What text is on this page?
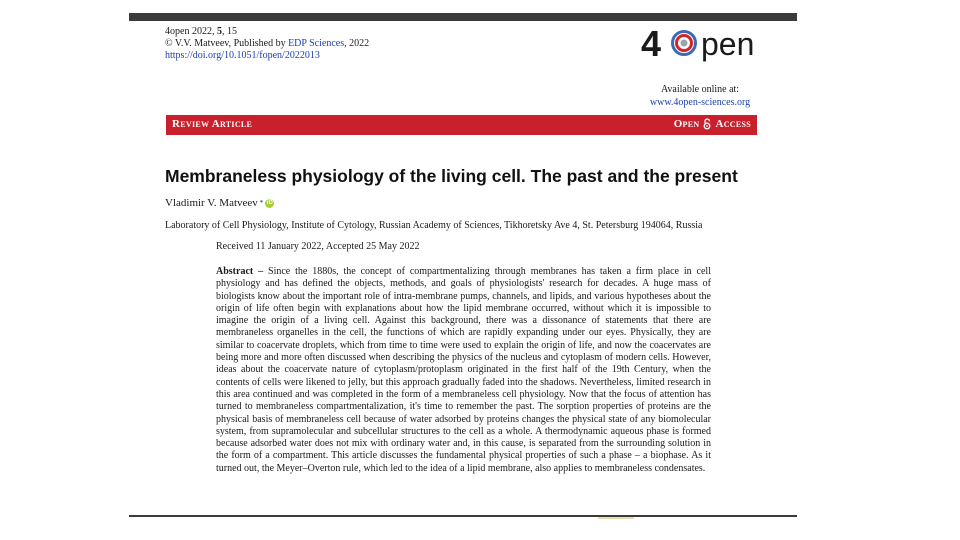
4open 2022, 5, 15
© V.V. Matveev, Published by EDP Sciences, 2022
https://doi.org/10.1051/fopen/2022013	4 pen
Available online at:
www.4open-sciences.org
Review Article	Open Access
Membraneless physiology of the living cell. The past and the present
Vladimir V. Matveev * iD
Laboratory of Cell Physiology, Institute of Cytology, Russian Academy of Sciences, Tikhoretsky Ave 4, St. Petersburg 194064, Russia
Received 11 January 2022, Accepted 25 May 2022
Abstract – Since the 1880s, the concept of compartmentalizing through membranes has taken a firm place in cell physiology and has defined the objects, methods, and goals of physiologists' research for decades. A huge mass of biologists know about the important role of intra-membrane pumps, channels, and lipids, and various hypotheses about the origin of life often begin with explanations about how the lipid membrane occurred, without which it is impossible to imagine the origin of a living cell. Against this background, there was a dissonance of statements that there are membraneless organelles in the cell, the functions of which are rapidly expanding under our eyes. Physically, they are similar to coacervate droplets, which from time to time were used to explain the origin of life, and now the coacervates are being more and more often discussed when describing the physics of the nucleus and cytoplasm of modern cells. However, ideas about the coacervate nature of cytoplasm/protoplasm originated in the first half of the 19th Century, when the contents of cells were likened to jelly, but this approach gradually faded into the shadows. Nevertheless, limited research in this area continued and was completed in the form of a membraneless cell physiology. Now that the focus of attention has turned to membraneless compartmentalization, it's time to remember the past. The sorption properties of proteins are the physical basis of membraneless cell because of water adsorbed by proteins changes the physical state of any biomolecular system, from supramolecular and subcellular structures to the cell as a whole. A thermodynamic aqueous phase is formed because adsorbed water does not mix with ordinary water and, in this cause, is separated from the surrounding solution in the form of a compartment. This article discusses the fundamental physical properties of such a phase – a biophase. As it turned out, the Meyer–Overton rule, which led to the idea of a lipid membrane, also applies to membraneless condensates.
